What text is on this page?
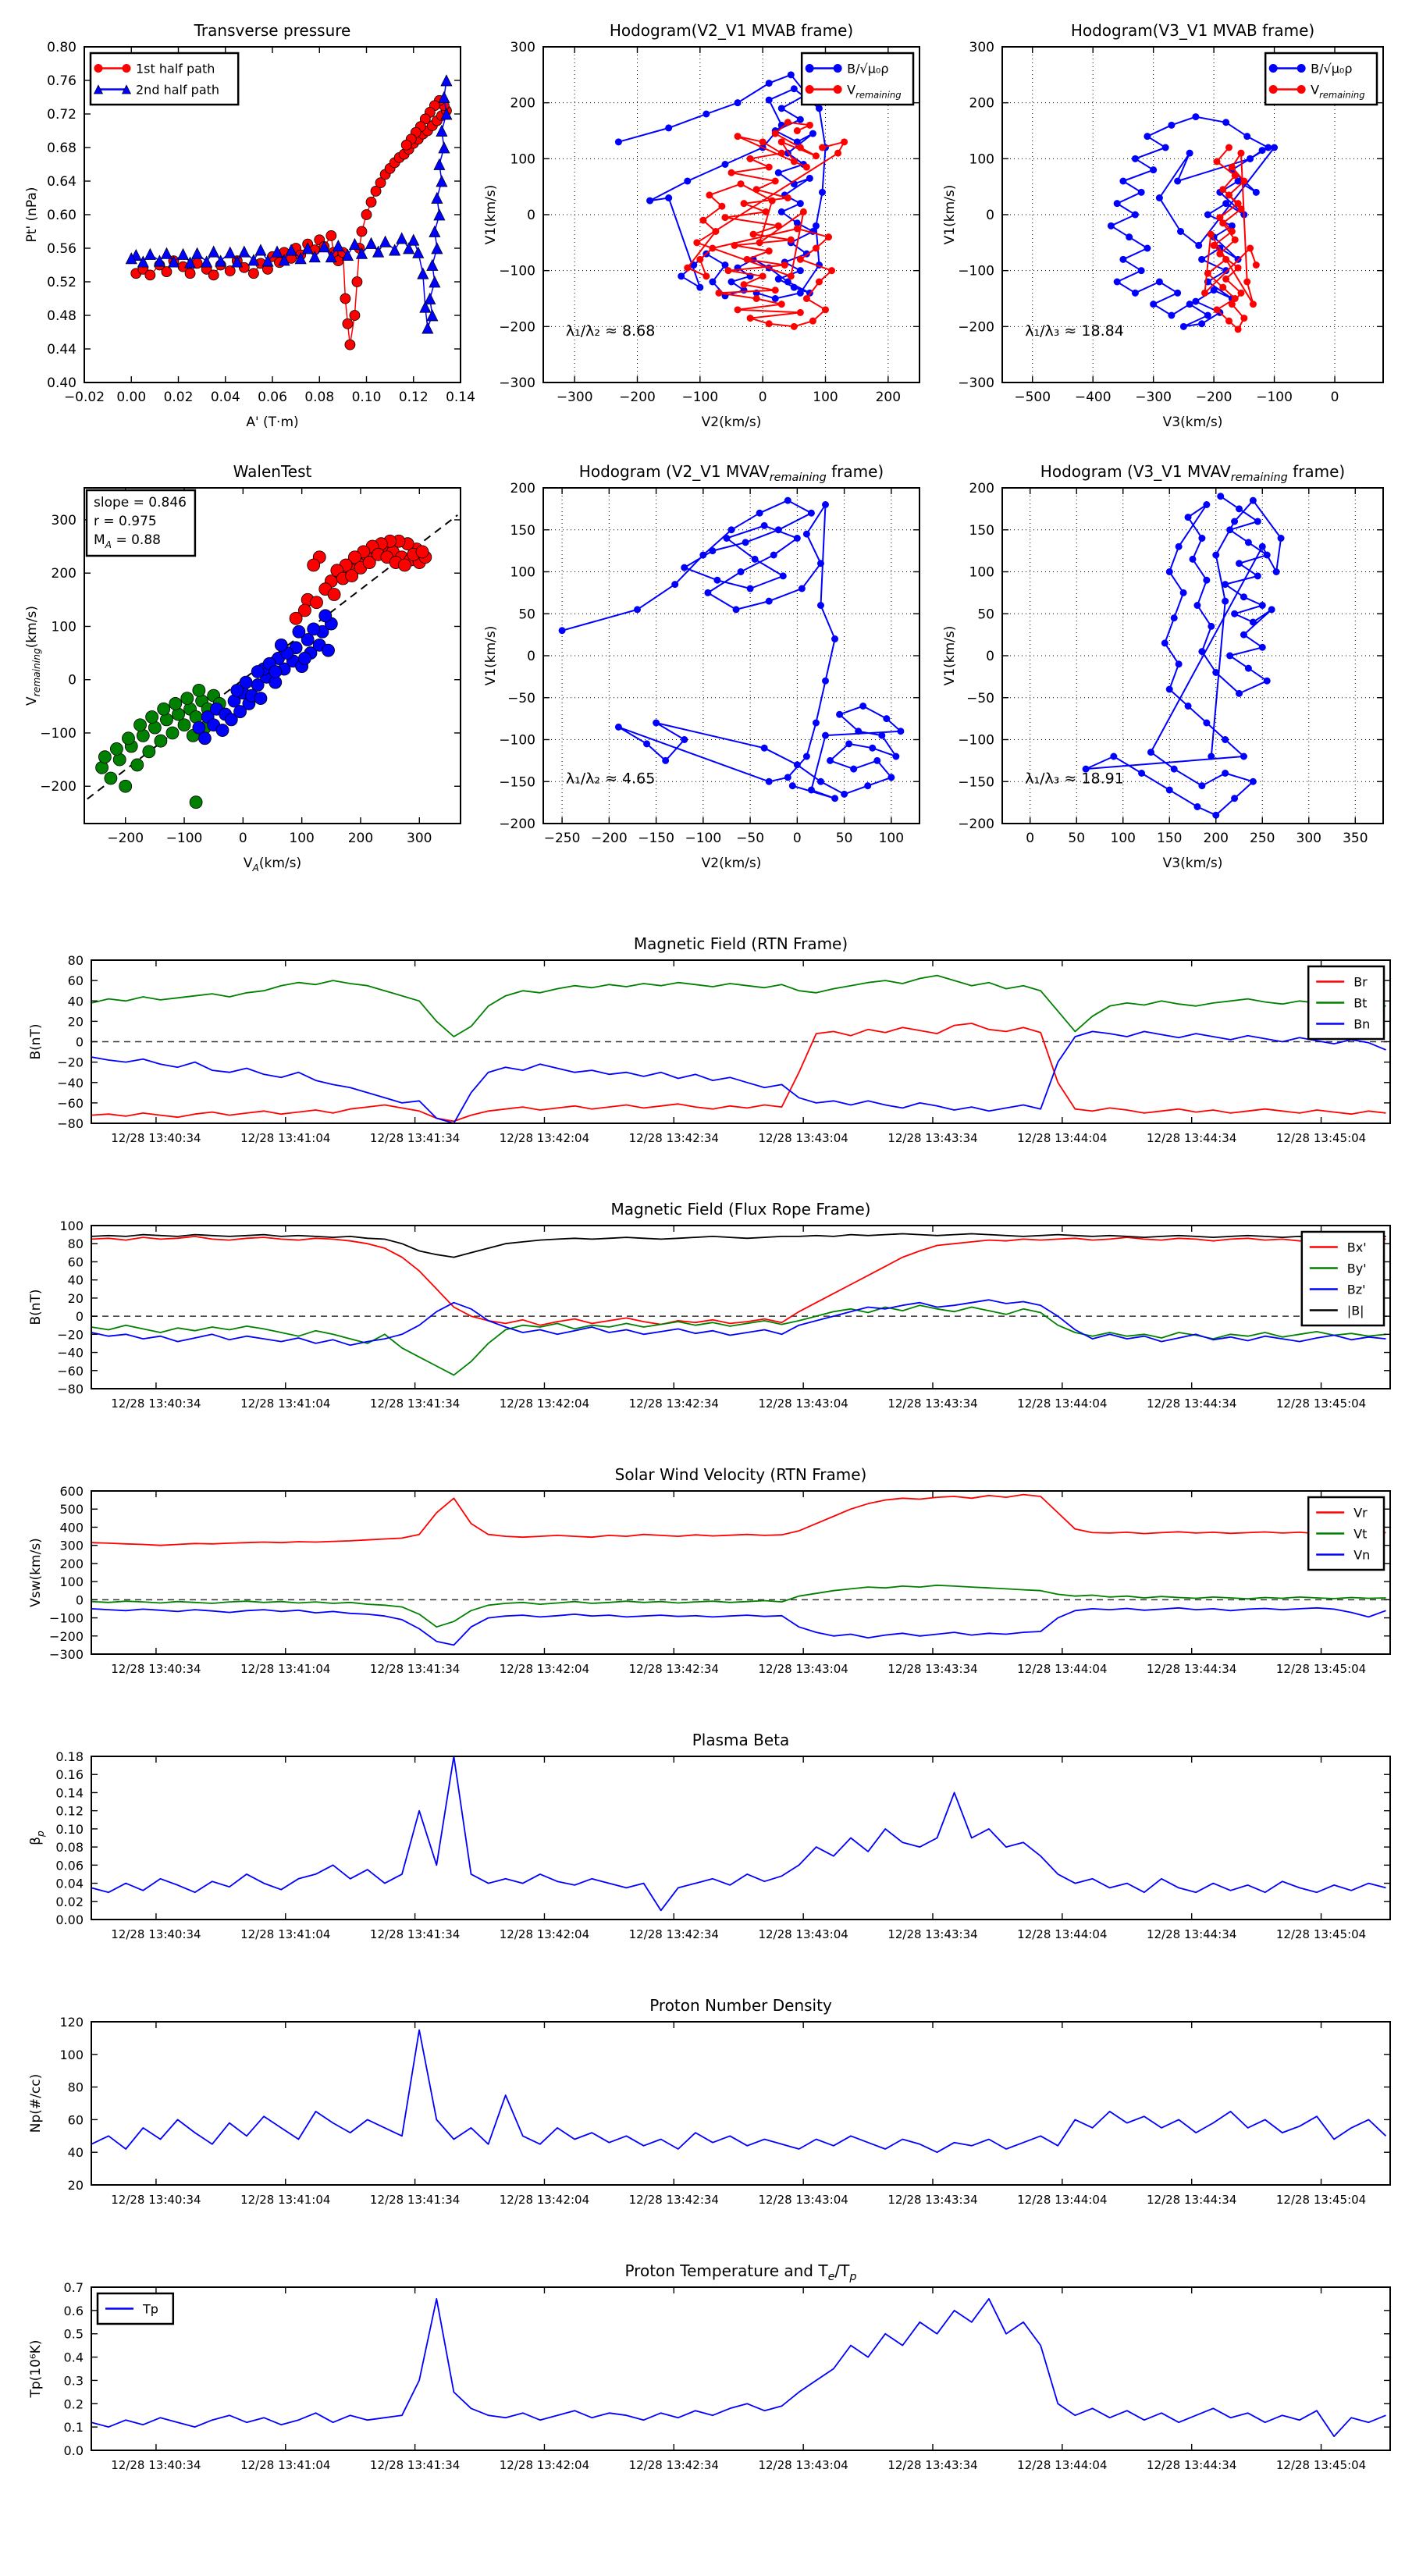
−0.02 0.00 0.02 0.04 0.06 0.08 0.10 0.12 0.14
0.40
0.44
0.48
0.52
0.56
0.60
0.64
0.68
0.72
0.76
0.80
Transverse pressure
A' (T·m)
Pt' (nPa)
1st half path
2nd half path
−300 −200 −100	0	100	200
−300
−200
−100
0
100
200
300
Hodogram(V2_V1 MVAB frame)
V2(km/s)
V1(km/s)
λ₁/λ₂ ≈ 8.68
B/√μ₀ρ
$V_{remaining}$
−500 −400 −300 −200 −100	0
−300
−200
−100
0
100
200
300
Hodogram(V3_V1 MVAB frame)
V3(km/s)
V1(km/s)
λ₁/λ₃ ≈ 18.84
B/√μ₀ρ
$V_{remaining}$
−200 −100	0	100	200	300
−200
−100
0
100
200
300
WalenTest
$V_A(km/s)$
$V_{remaining}(km/s)$
slope = 0.846
r = 0.975
$M_A = 0.88$
−250 −200 −150 −100 −50 0	50 100
−200
−150
−100
−50
0
50
100
150
200
Hodogram (V2_V1 $MVAV_{remaining}$ frame)
V2(km/s)
V1(km/s)
λ₁/λ₂ ≈ 4.65
0	50 100 150 200 250 300 350
−200
−150
−100
−50
0
50
100
150
200
Hodogram (V3_V1 $MVAV_{remaining}$ frame)
V3(km/s)
V1(km/s)
λ₁/λ₃ ≈ 18.91
12/28 13:40:34	12/28 13:41:04	12/28 13:41:34	12/28 13:42:04	12/28 13:42:34	12/28 13:43:04	12/28 13:43:34	12/28 13:44:04	12/28 13:44:34	12/28 13:45:04
−80
−60
−40
−20
0
20
40
60
80
Magnetic Field (RTN Frame)
B(nT)
Br
Bt
Bn
12/28 13:40:34	12/28 13:41:04	12/28 13:41:34	12/28 13:42:04	12/28 13:42:34	12/28 13:43:04	12/28 13:43:34	12/28 13:44:04	12/28 13:44:34	12/28 13:45:04
−80
−60
−40
−20
0
20
40
60
80
100
Magnetic Field (Flux Rope Frame)
B(nT)
Bx'
By'
Bz'
|B|
12/28 13:40:34	12/28 13:41:04	12/28 13:41:34	12/28 13:42:04	12/28 13:42:34	12/28 13:43:04	12/28 13:43:34	12/28 13:44:04	12/28 13:44:34	12/28 13:45:04
−300
−200
−100
0
100
200
300
400
500
600
Solar Wind Velocity (RTN Frame)
Vsw(km/s)
Vr
Vt
Vn
12/28 13:40:34	12/28 13:41:04	12/28 13:41:34	12/28 13:42:04	12/28 13:42:34	12/28 13:43:04	12/28 13:43:34	12/28 13:44:04	12/28 13:44:34	12/28 13:45:04
0.00
0.02
0.04
0.06
0.08
0.10
0.12
0.14
0.16
0.18
Plasma Beta
$\beta_p$
12/28 13:40:34	12/28 13:41:04	12/28 13:41:34	12/28 13:42:04	12/28 13:42:34	12/28 13:43:04	12/28 13:43:34	12/28 13:44:04	12/28 13:44:34	12/28 13:45:04
20
40
60
80
100
120
Proton Number Density
Np(#/cc)
12/28 13:40:34	12/28 13:41:04	12/28 13:41:34	12/28 13:42:04	12/28 13:42:34	12/28 13:43:04	12/28 13:43:34	12/28 13:44:04	12/28 13:44:34	12/28 13:45:04
0.0
0.1
0.2
0.3
0.4
0.5
0.6
0.7
Proton Temperature and $T_e/T_p$
Tp(10⁶K)
Tp
